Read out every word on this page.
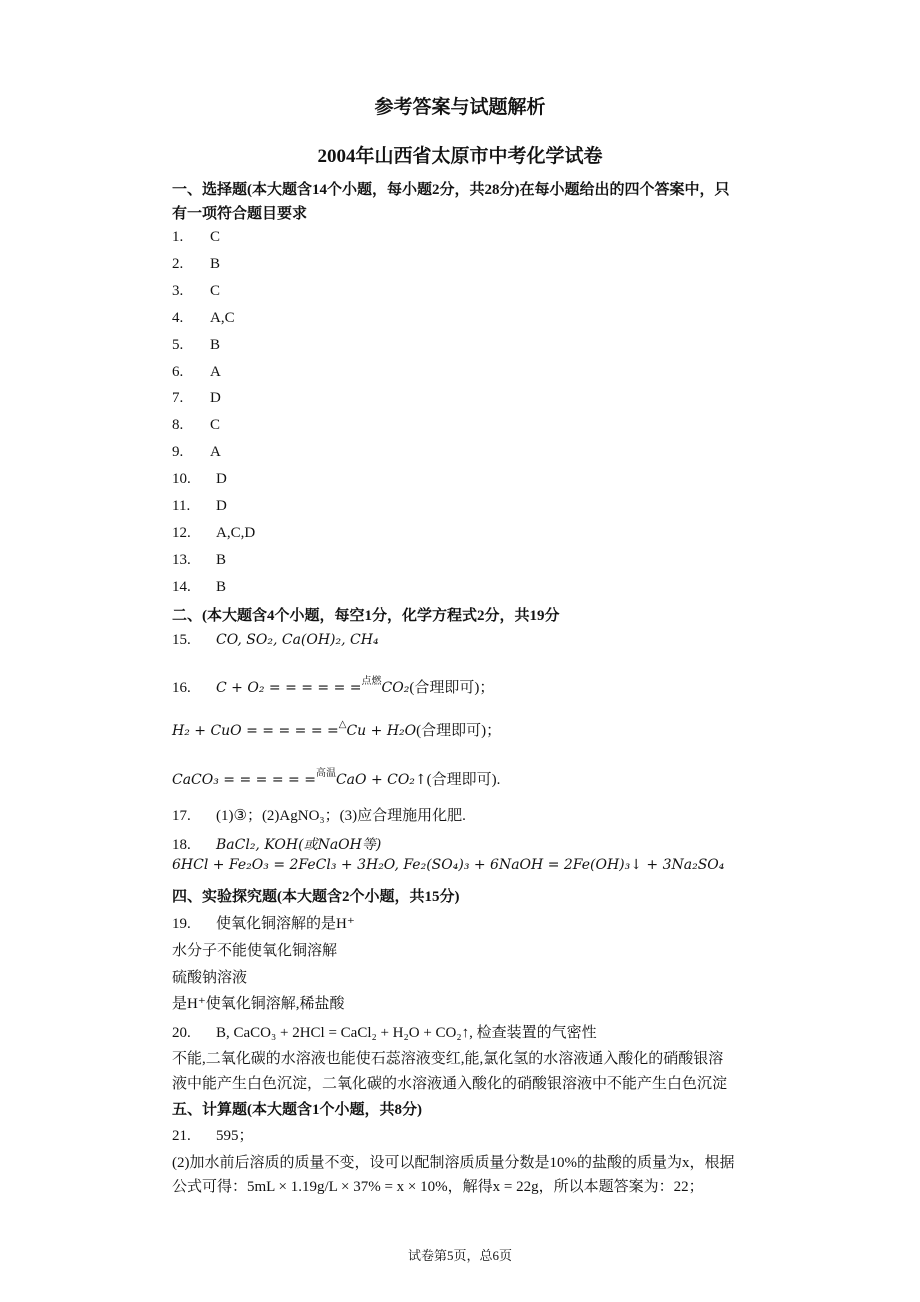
参考答案与试题解析
2004年山西省太原市中考化学试卷
一、选择题(本大题含14个小题，每小题2分，共28分)在每小题给出的四个答案中，只
有一项符合题目要求
1. C
2. B
3. C
4. A,C
5. B
6. A
7. D
8. C
9. A
10. D
11. D
12. A,C,D
13. B
14. B
二、(本大题含4个小题，每空1分，化学方程式2分，共19分
15. CO, SO₂, Ca(OH)₂, CH₄
16. C + O₂ = = = = = =$^{点燃}$CO₂(合理即可)；
H₂ + CuO = = = = = =△Cu + H₂O(合理即可)；
CaCO₃ = = = = = =$^{高温}$CaO + CO₂↑(合理即可).
17. (1)③；(2)AgNO₃；(3)应合理施用化肥.
18. BaCl₂, KOH(或NaOH等)
6HCl + Fe₂O₃ = 2FeCl₃ + 3H₂O, Fe₂(SO₄)₃ + 6NaOH = 2Fe(OH)₃↓ + 3Na₂SO₄
四、实验探究题(本大题含2个小题，共15分)
19. 使氧化铜溶解的是H⁺
水分子不能使氧化铜溶解
硫酸钠溶液
是H⁺使氧化铜溶解,稀盐酸
20. B, CaCO₃ + 2HCl = CaCl₂ + H₂O + CO₂↑, 检查装置的气密性
不能,二氧化碳的水溶液也能使石蕊溶液变红,能,氯化氢的水溶液通入酸化的硝酸银溶
液中能产生白色沉淀，二氧化碳的水溶液通入酸化的硝酸银溶液中不能产生白色沉淀
五、计算题(本大题含1个小题，共8分)
21. 595；
(2)加水前后溶质的质量不变，设可以配制溶质质量分数是10%的盐酸的质量为x，根据
公式可得：5mL × 1.19g/L × 37% = x × 10%，解得x = 22g，所以本题答案为：22；
试卷第5页，总6页
